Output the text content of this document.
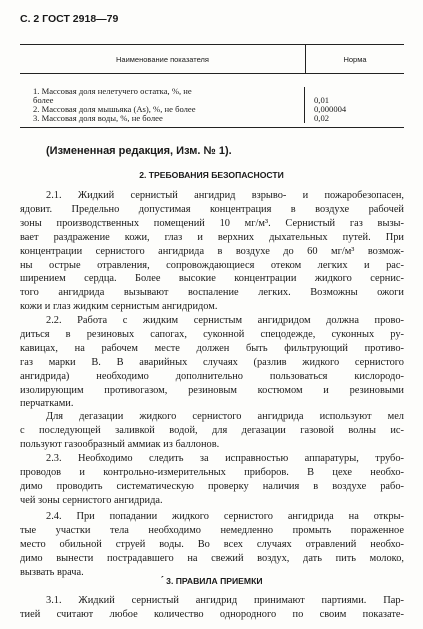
С. 2 ГОСТ 2918—79
Наименование показателя	Норма
1. Массовая доля нелетучего остатка, %, не
более
2. Массовая доля мышьяка (As), %, не более
3. Массовая доля воды, %, не более
0,01
0,000004
0,02
(Измененная редакция, Изм. № 1).
2. ТРЕБОВАНИЯ БЕЗОПАСНОСТИ
2.1. Жидкий сернистый ангидрид взрыво- и пожаробезопасен,
ядовит. Предельно допустимая концентрация в воздухе рабочей
зоны производственных помещений 10 мг/м³. Сернистый газ вызы-
вает раздражение кожи, глаз и верхних дыхательных путей. При
концентрации сернистого ангидрида в воздухе до 60 мг/м³ возмож-
ны острые отравления, сопровождающиеся отеком легких и рас-
ширением сердца. Более высокие концентрации жидкого сернис-
того ангидрида вызывают воспаление легких. Возможны ожоги
кожи и глаз жидким сернистым ангидридом.
2.2. Работа с жидким сернистым ангидридом должна прово-
диться в резиновых сапогах, суконной спецодежде, суконных ру-
кавицах, на рабочем месте должен быть фильтрующий противо-
газ марки В. В аварийных случаях (разлив жидкого сернистого
ангидрида) необходимо дополнительно пользоваться кислородо-
изолирующим противогазом, резиновым костюмом и резиновыми
перчатками.
Для дегазации жидкого сернистого ангидрида используют мел
с последующей заливкой водой, для дегазации газовой волны ис-
пользуют газообразный аммиак из баллонов.
2.3. Необходимо следить за исправностью аппаратуры, трубо-
проводов и контрольно-измерительных приборов. В цехе необхо-
димо проводить систематическую проверку наличия в воздухе рабо-
чей зоны сернистого ангидрида.
2.4. При попадании жидкого сернистого ангидрида на откры-
тые участки тела необходимо немедленно промыть пораженное
место обильной струей воды. Во всех случаях отравлений необхо-
димо вынести пострадавшего на свежий воздух, дать пить молоко,
вызвать врача.
ˊ 3. ПРАВИЛА ПРИЕМКИ
3.1. Жидкий сернистый ангидрид принимают партиями. Пар-
тией считают любое количество однородного по своим показате-
